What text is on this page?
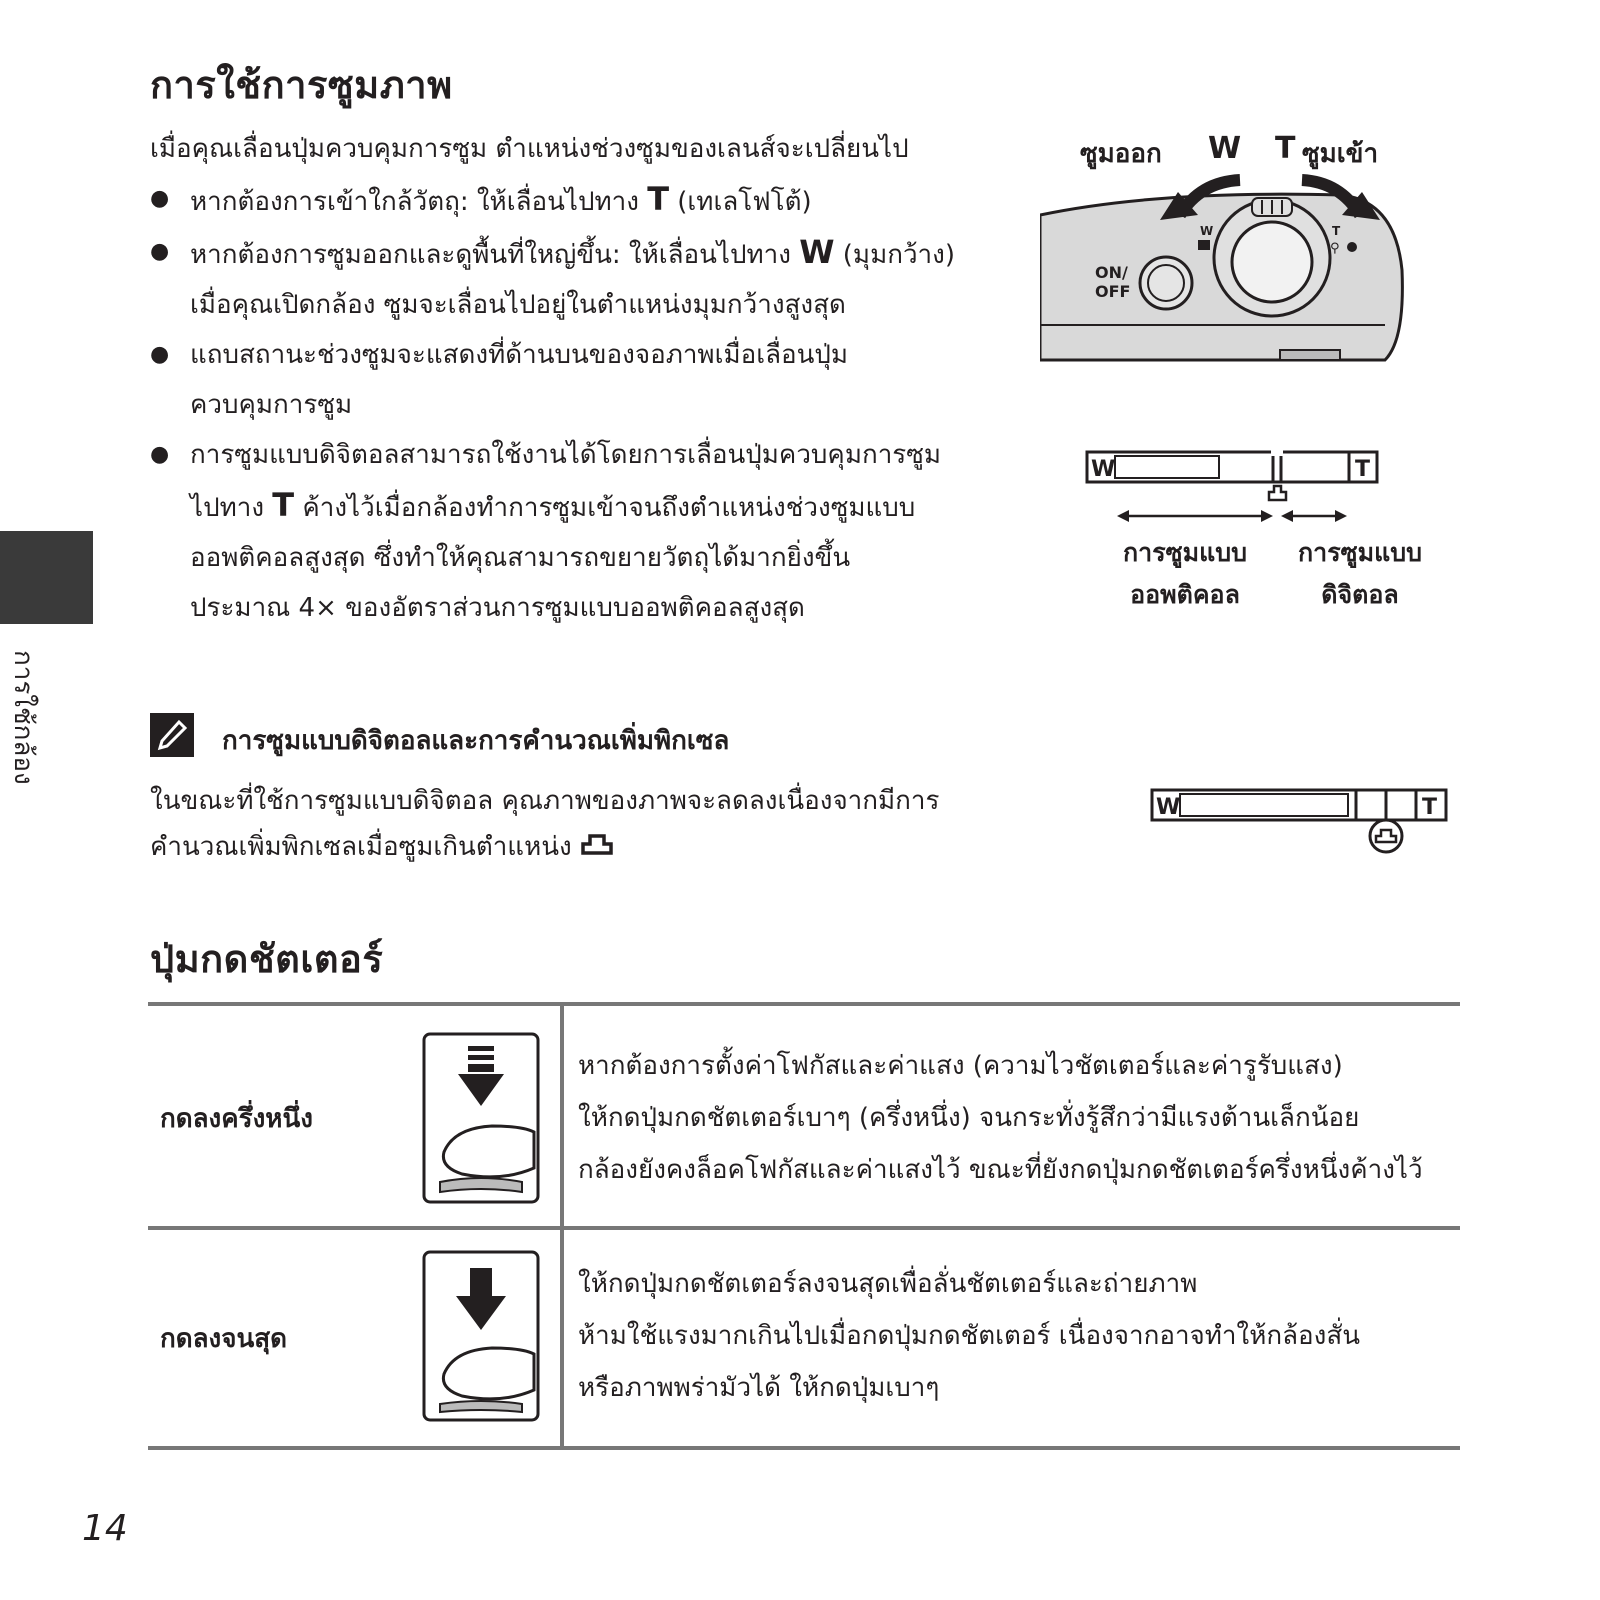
การใช้การซูมภาพ
เมื่อคุณเลื่อนปุ่มควบคุมการซูม ตำแหน่งช่วงซูมของเลนส์จะเปลี่ยนไป
● หากต้องการเข้าใกล้วัตถุ: ให้เลื่อนไปทาง T (เทเลโฟโต้)
● หากต้องการซูมออกและดูพื้นที่ใหญ่ขึ้น: ให้เลื่อนไปทาง W (มุมกว้าง)
เมื่อคุณเปิดกล้อง ซูมจะเลื่อนไปอยู่ในตำแหน่งมุมกว้างสูงสุด
● แถบสถานะช่วงซูมจะแสดงที่ด้านบนของจอภาพเมื่อเลื่อนปุ่ม
ควบคุมการซูม
● การซูมแบบดิจิตอลสามารถใช้งานได้โดยการเลื่อนปุ่มควบคุมการซูม
ไปทาง T ค้างไว้เมื่อกล้องทำการซูมเข้าจนถึงตำแหน่งช่วงซูมแบบ
ออพติคอลสูงสุด ซึ่งทำให้คุณสามารถขยายวัตถุได้มากยิ่งขึ้น
ประมาณ 4× ของอัตราส่วนการซูมแบบออพติคอลสูงสุด
ON/
OFF
W	T
⚲
ซูมออก W T ซูมเข้า
W	T
การซูมแบบ
ออพติคอล
การซูมแบบ
ดิจิตอล
การใช้กล้อง	การซูมแบบดิจิตอลและการคำนวณเพิ่มพิกเซล
ในขณะที่ใช้การซูมแบบดิจิตอล คุณภาพของภาพจะลดลงเนื่องจากมีการ
คำนวณเพิ่มพิกเซลเมื่อซูมเกินตำแหน่ง
W	T
ปุ่มกดชัตเตอร์
กดลงครึ่งหนึ่ง
หากต้องการตั้งค่าโฟกัสและค่าแสง (ความไวชัตเตอร์และค่ารูรับแสง)
ให้กดปุ่มกดชัตเตอร์เบาๆ (ครึ่งหนึ่ง) จนกระทั่งรู้สึกว่ามีแรงต้านเล็กน้อย
กล้องยังคงล็อคโฟกัสและค่าแสงไว้ ขณะที่ยังกดปุ่มกดชัตเตอร์ครึ่งหนึ่งค้างไว้
กดลงจนสุด
ให้กดปุ่มกดชัตเตอร์ลงจนสุดเพื่อลั่นชัตเตอร์และถ่ายภาพ
ห้ามใช้แรงมากเกินไปเมื่อกดปุ่มกดชัตเตอร์ เนื่องจากอาจทำให้กล้องสั่น
หรือภาพพร่ามัวได้ ให้กดปุ่มเบาๆ
14
